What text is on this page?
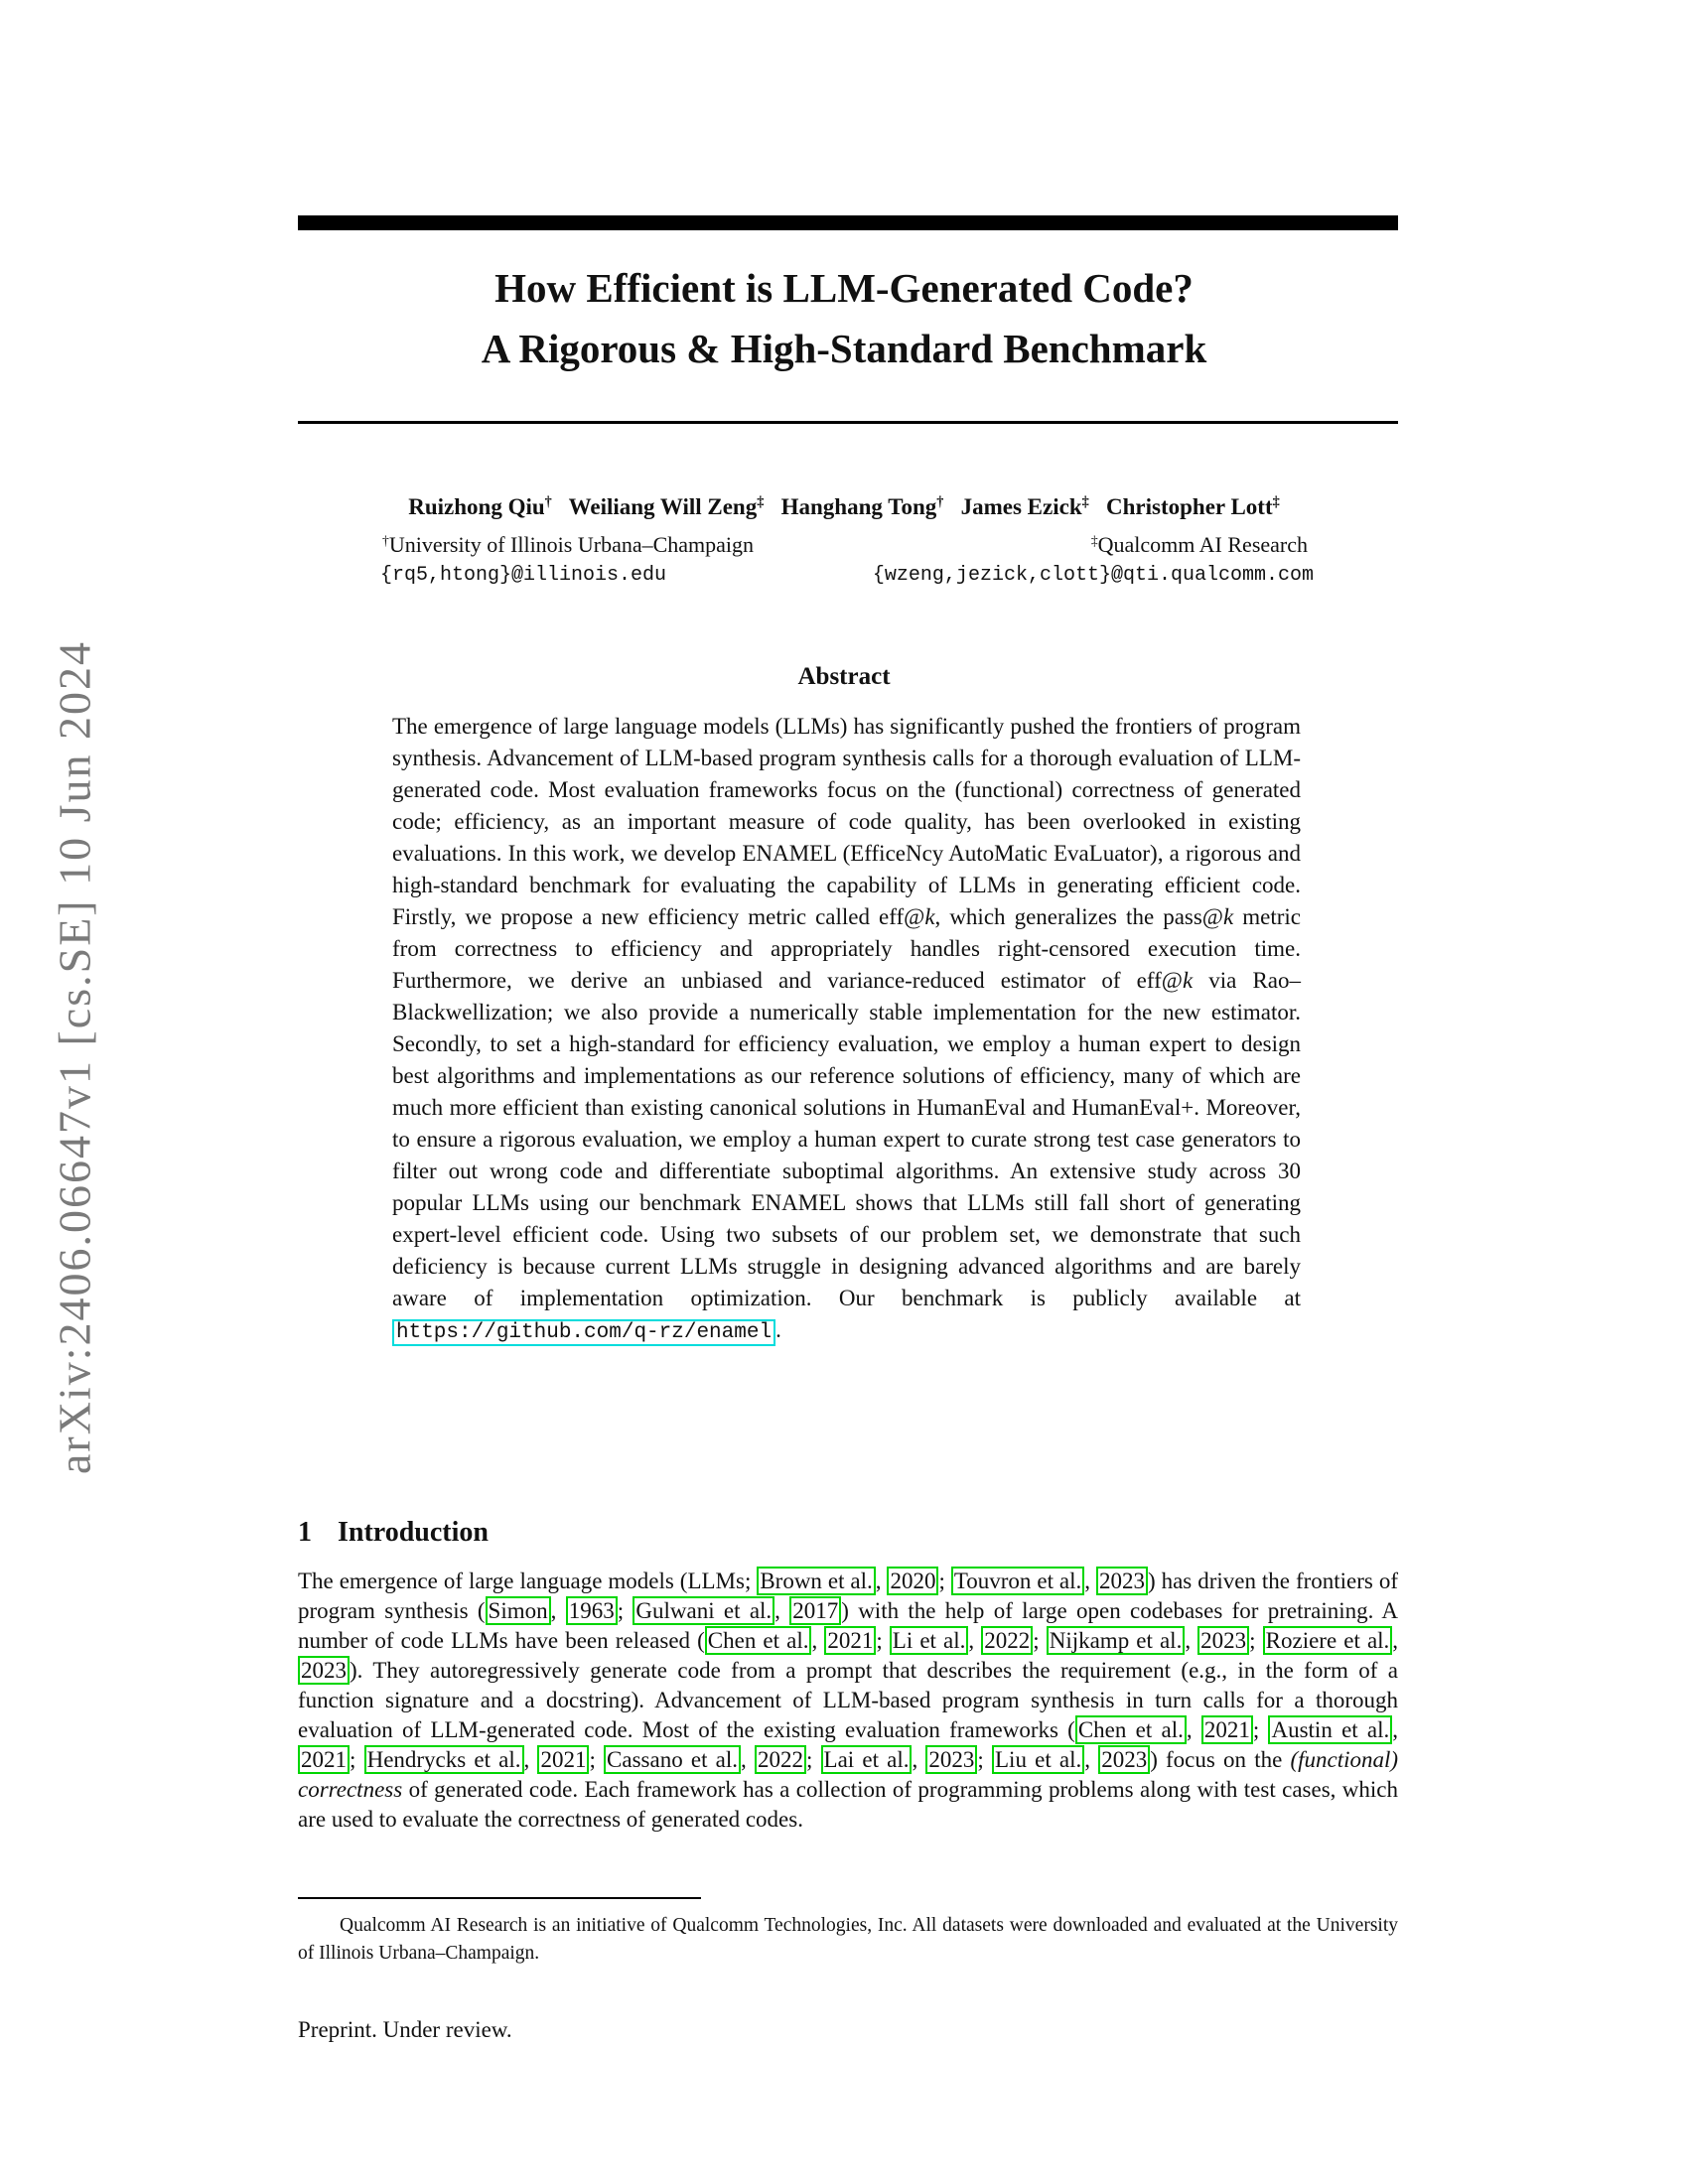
arXiv:2406.06647v1 [cs.SE] 10 Jun 2024
How Efficient is LLM-Generated Code?
A Rigorous & High-Standard Benchmark
Ruizhong Qiu† Weiliang Will Zeng‡ Hanghang Tong† James Ezick‡ Christopher Lott‡
†University of Illinois Urbana–Champaign	‡Qualcomm AI Research
{rq5,htong}@illinois.edu	{wzeng,jezick,clott}@qti.qualcomm.com
Abstract
The emergence of large language models (LLMs) has significantly pushed the frontiers of program synthesis. Advancement of LLM-based program synthesis calls for a thorough evaluation of LLM-generated code. Most evaluation frameworks focus on the (functional) correctness of generated code; efficiency, as an important measure of code quality, has been overlooked in existing evaluations. In this work, we develop ENAMEL (EfficeNcy AutoMatic EvaLuator), a rigorous and high-standard benchmark for evaluating the capability of LLMs in generating efficient code. Firstly, we propose a new efficiency metric called eff@k, which generalizes the pass@k metric from correctness to efficiency and appropriately handles right-censored execution time. Furthermore, we derive an unbiased and variance-reduced estimator of eff@k via Rao–Blackwellization; we also provide a numerically stable implementation for the new estimator. Secondly, to set a high-standard for efficiency evaluation, we employ a human expert to design best algorithms and implementations as our reference solutions of efficiency, many of which are much more efficient than existing canonical solutions in HumanEval and HumanEval+. Moreover, to ensure a rigorous evaluation, we employ a human expert to curate strong test case generators to filter out wrong code and differentiate suboptimal algorithms. An extensive study across 30 popular LLMs using our benchmark ENAMEL shows that LLMs still fall short of generating expert-level efficient code. Using two subsets of our problem set, we demonstrate that such deficiency is because current LLMs struggle in designing advanced algorithms and are barely aware of implementation optimization. Our benchmark is publicly available at https://github.com/q-rz/enamel .
1 Introduction
The emergence of large language models (LLMs; Brown et al. , 2020 ; Touvron et al. , 2023 ) has driven the frontiers of program synthesis ( Simon , 1963 ; Gulwani et al. , 2017 ) with the help of large open codebases for pretraining. A number of code LLMs have been released ( Chen et al. , 2021 ; Li et al. , 2022 ; Nijkamp et al. , 2023 ; Roziere et al. , 2023 ). They autoregressively generate code from a prompt that describes the requirement (e.g., in the form of a function signature and a docstring). Advancement of LLM-based program synthesis in turn calls for a thorough evaluation of LLM-generated code. Most of the existing evaluation frameworks ( Chen et al. , 2021 ; Austin et al. , 2021 ; Hendrycks et al. , 2021 ; Cassano et al. , 2022 ; Lai et al. , 2023 ; Liu et al. , 2023 ) focus on the (functional) correctness of generated code. Each framework has a collection of programming problems along with test cases, which are used to evaluate the correctness of generated codes.
Qualcomm AI Research is an initiative of Qualcomm Technologies, Inc. All datasets were downloaded and evaluated at the University of Illinois Urbana–Champaign.
Preprint. Under review.
